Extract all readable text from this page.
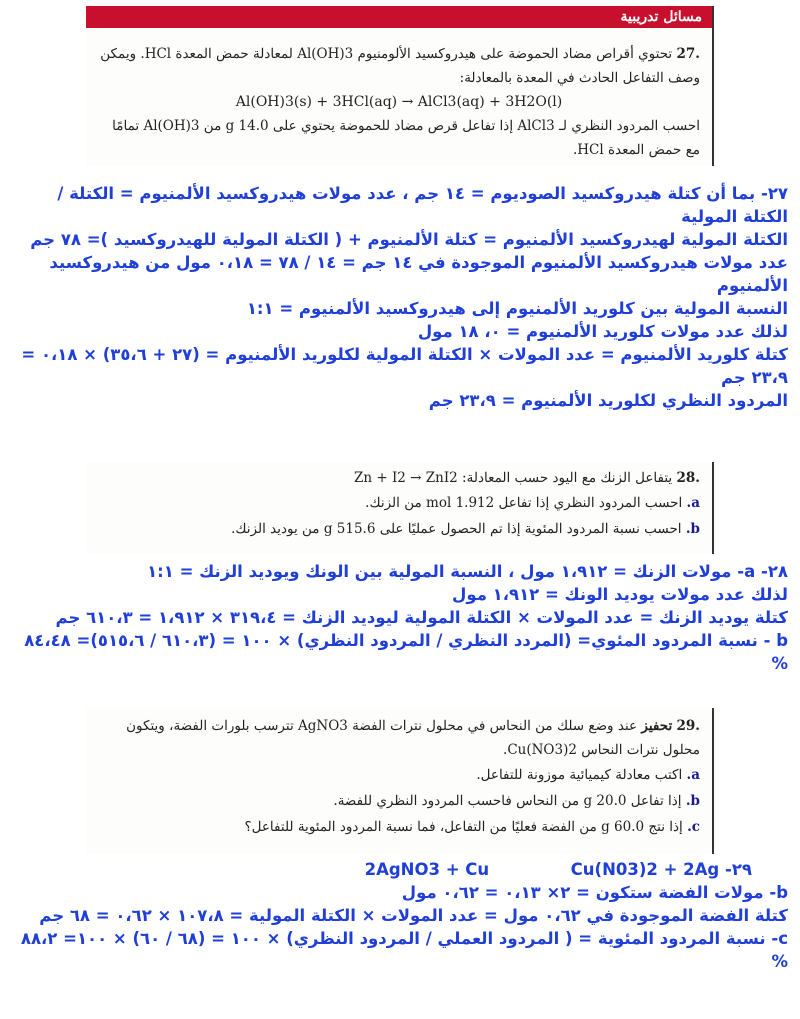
مسائل تدريبية

27. تحتوي أقراص مضاد الحموضة على هيدروكسيد الألومنيوم Al(OH)3 لمعادلة حمض المعدة HCl. ويمكن وصف التفاعل الحادث في المعدة بالمعادلة:

Al(OH)3(s) + 3HCl(aq) → AlCl3(aq) + 3H2O(l)

احسب المردود النظري لـ AlCl3 إذا تفاعل قرص مضاد للحموضة يحتوي على 14.0 g من Al(OH)3 تمامًا مع حمض المعدة HCl.

٢٧- بما أن كتلة هيدروكسيد الصوديوم = ١٤ جم ، عدد مولات هيدروكسيد الألمنيوم = الكتلة / الكتلة المولية

الكتلة المولية لهيدروكسيد الألمنيوم = كتلة الألمنيوم + ( الكتلة المولية للهيدروكسيد )= ٧٨ جم

عدد مولات هيدروكسيد الألمنيوم الموجودة في ١٤ جم = ١٤ / ٧٨ = ٠،١٨ مول من هيدروكسيد الألمنيوم

النسبة المولية بين كلوريد الألمنيوم إلى هيدروكسيد الألمنيوم = ١:١

لذلك عدد مولات كلوريد الألمنيوم = ٠، ١٨ مول

كتلة كلوريد الألمنيوم = عدد المولات × الكتلة المولية لكلوريد الألمنيوم = (٢٧ + ٣٥،٦) × ٠،١٨ = ٢٣،٩ جم

المردود النظري لكلوريد الألمنيوم = ٢٣،٩ جم

28. يتفاعل الزنك مع اليود حسب المعادلة: Zn + I2 → ZnI2

a. احسب المردود النظري إذا تفاعل 1.912 mol من الزنك.

b. احسب نسبة المردود المئوية إذا تم الحصول عمليًا على 515.6 g من يوديد الزنك.

٢٨- a- مولات الزنك = ١،٩١٢ مول ، النسبة المولية بين الونك ويوديد الزنك = ١:١

لذلك عدد مولات يوديد الونك = ١،٩١٢ مول

كتلة يوديد الزنك = عدد المولات × الكتلة المولية ليوديد الزنك = ٣١٩،٤ × ١،٩١٢ = ٦١٠،٣ جم

b - نسبة المردود المئوي= (المردد النظري / المردود النظري) × ١٠٠ = (٦١٠،٣ / ٥١٥،٦)= ٨٤،٤٨ %

29. تحفيز عند وضع سلك من النحاس في محلول نترات الفضة AgNO3 تترسب بلورات الفضة، ويتكون محلول نترات النحاس Cu(NO3)2.

a. اكتب معادلة كيميائية موزونة للتفاعل.

b. إذا تفاعل 20.0 g من النحاس فاحسب المردود النظري للفضة.

c. إذا نتج 60.0 g من الفضة فعليًا من التفاعل، فما نسبة المردود المئوية للتفاعل؟

2AgNO3 + Cu	Cu(N03)2 + 2Ag -٢٩

b- مولات الفضة ستكون = ٢× ٠،١٣ = ٠،٦٢ مول

كتلة الفضة الموجودة في ٠،٦٢ مول = عدد المولات × الكتلة المولية = ١٠٧،٨ × ٠،٦٢ = ٦٨ جم

c- نسبة المردود المئوية = ( المردود العملي / المردود النظري) × ١٠٠ = (٦٨ / ٦٠) × ١٠٠= ٨٨،٢ %
